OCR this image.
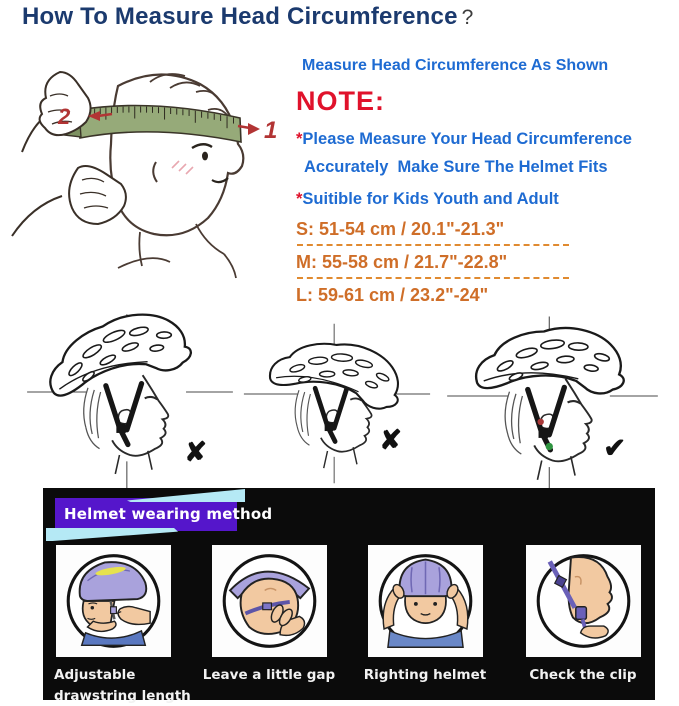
How To Measure Head Circumference ?
2
1
Measure Head Circumference As Shown
NOTE:
*Please Measure Your Head Circumference
Accurately  Make Sure The Helmet Fits
*Suitible for Kids Youth and Adult
S: 51-54 cm / 20.1"-21.3"
M: 55-58 cm / 21.7"-22.8"
L: 59-61 cm / 23.2"-24"
✘	✘	✔
Helmet wearing method
Adjustable drawstring length
Leave a little gap	Righting helmet	Check the clip
